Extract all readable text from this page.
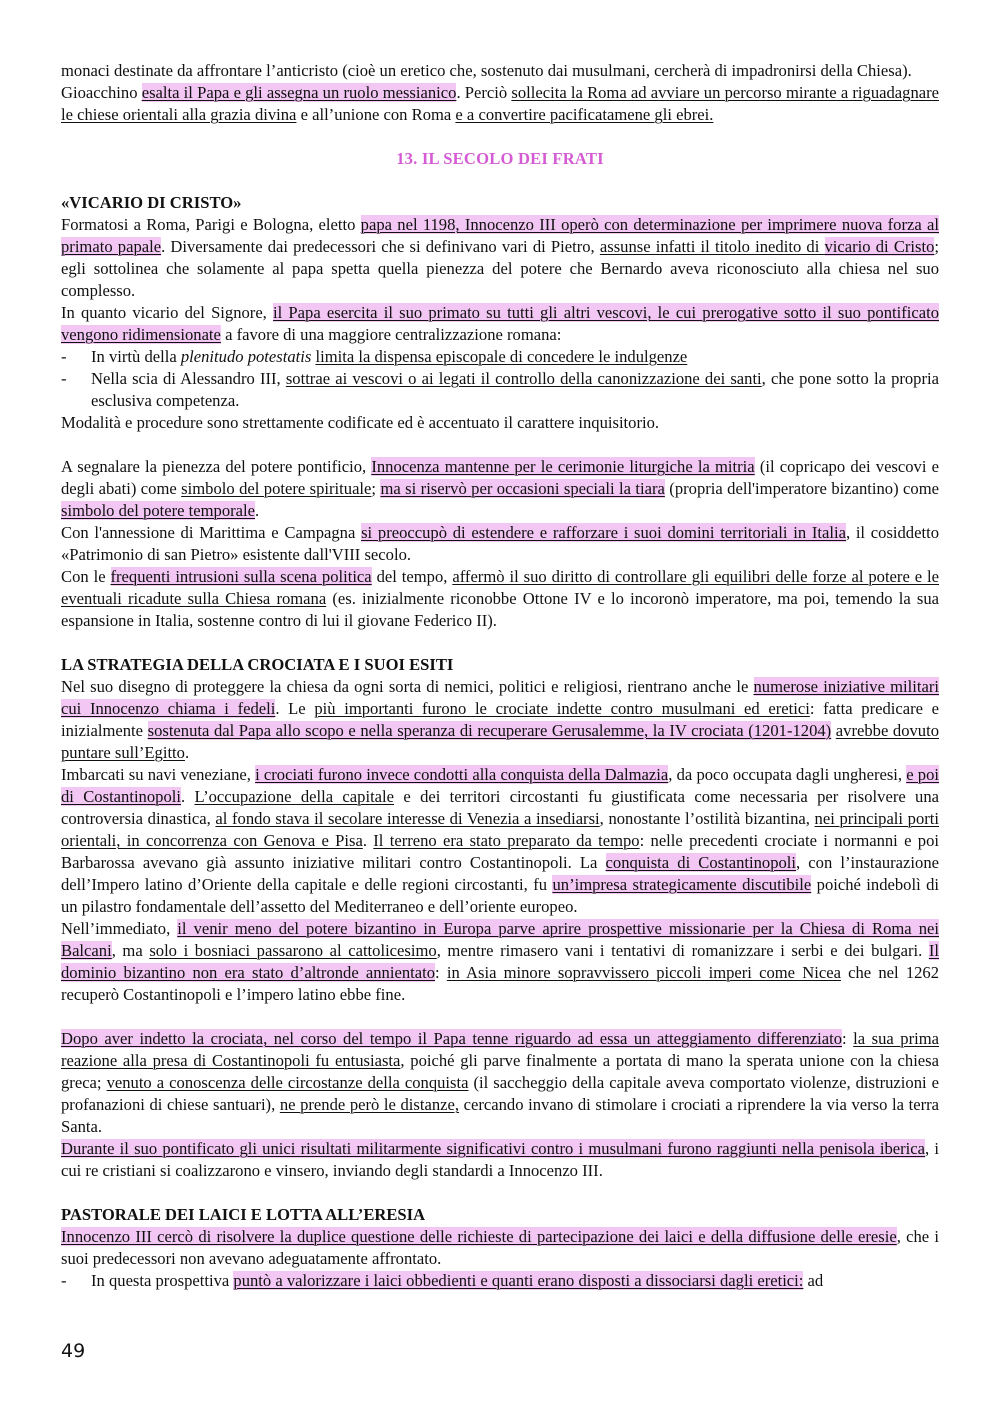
monaci destinate da affrontare l’anticristo (cioè un eretico che, sostenuto dai musulmani, cercherà di impadronirsi della Chiesa).

Gioacchino esalta il Papa e gli assegna un ruolo messianico. Perciò sollecita la Roma ad avviare un percorso mirante a riguadagnare le chiese orientali alla grazia divina e all’unione con Roma e a convertire pacificatamene gli ebrei.

13. IL SECOLO DEI FRATI
«VICARIO DI CRISTO»

Formatosi a Roma, Parigi e Bologna, eletto papa nel 1198, Innocenzo III operò con determinazione per imprimere nuova forza al primato papale. Diversamente dai predecessori che si definivano vari di Pietro, assunse infatti il titolo inedito di vicario di Cristo; egli sottolinea che solamente al papa spetta quella pienezza del potere che Bernardo aveva riconosciuto alla chiesa nel suo complesso.

In quanto vicario del Signore, il Papa esercita il suo primato su tutti gli altri vescovi, le cui prerogative sotto il suo pontificato vengono ridimensionate a favore di una maggiore centralizzazione romana:

- In virtù della plenitudo potestatis limita la dispensa episcopale di concedere le indulgenze
- Nella scia di Alessandro III, sottrae ai vescovi o ai legati il controllo della canonizzazione dei santi, che pone sotto la propria esclusiva competenza.

Modalità e procedure sono strettamente codificate ed è accentuato il carattere inquisitorio.

A segnalare la pienezza del potere pontificio, Innocenza mantenne per le cerimonie liturgiche la mitria (il copricapo dei vescovi e degli abati) come simbolo del potere spirituale; ma si riservò per occasioni speciali la tiara (propria dell'imperatore bizantino) come simbolo del potere temporale.

Con l'annessione di Marittima e Campagna si preoccupò di estendere e rafforzare i suoi domini territoriali in Italia, il cosiddetto «Patrimonio di san Pietro» esistente dall'VIII secolo.

Con le frequenti intrusioni sulla scena politica del tempo, affermò il suo diritto di controllare gli equilibri delle forze al potere e le eventuali ricadute sulla Chiesa romana (es. inizialmente riconobbe Ottone IV e lo incoronò imperatore, ma poi, temendo la sua espansione in Italia, sostenne contro di lui il giovane Federico II).

LA STRATEGIA DELLA CROCIATA E I SUOI ESITI

Nel suo disegno di proteggere la chiesa da ogni sorta di nemici, politici e religiosi, rientrano anche le numerose iniziative militari cui Innocenzo chiama i fedeli. Le più importanti furono le crociate indette contro musulmani ed eretici: fatta predicare e inizialmente sostenuta dal Papa allo scopo e nella speranza di recuperare Gerusalemme, la IV crociata (1201-1204) avrebbe dovuto puntare sull’Egitto.

Imbarcati su navi veneziane, i crociati furono invece condotti alla conquista della Dalmazia, da poco occupata dagli ungheresi, e poi di Costantinopoli. L’occupazione della capitale e dei territori circostanti fu giustificata come necessaria per risolvere una controversia dinastica, al fondo stava il secolare interesse di Venezia a insediarsi, nonostante l’ostilità bizantina, nei principali porti orientali, in concorrenza con Genova e Pisa. Il terreno era stato preparato da tempo: nelle precedenti crociate i normanni e poi Barbarossa avevano già assunto iniziative militari contro Costantinopoli. La conquista di Costantinopoli, con l’instaurazione dell’Impero latino d’Oriente della capitale e delle regioni circostanti, fu un’impresa strategicamente discutibile poiché indebolì di un pilastro fondamentale dell’assetto del Mediterraneo e dell’oriente europeo.

Nell’immediato, il venir meno del potere bizantino in Europa parve aprire prospettive missionarie per la Chiesa di Roma nei Balcani, ma solo i bosniaci passarono al cattolicesimo, mentre rimasero vani i tentativi di romanizzare i serbi e dei bulgari. Il dominio bizantino non era stato d’altronde annientato: in Asia minore sopravvissero piccoli imperi come Nicea che nel 1262 recuperò Costantinopoli e l’impero latino ebbe fine.

Dopo aver indetto la crociata, nel corso del tempo il Papa tenne riguardo ad essa un atteggiamento differenziato: la sua prima reazione alla presa di Costantinopoli fu entusiasta, poiché gli parve finalmente a portata di mano la sperata unione con la chiesa greca; venuto a conoscenza delle circostanze della conquista (il saccheggio della capitale aveva comportato violenze, distruzioni e profanazioni di chiese santuari), ne prende però le distanze, cercando invano di stimolare i crociati a riprendere la via verso la terra Santa.

Durante il suo pontificato gli unici risultati militarmente significativi contro i musulmani furono raggiunti nella penisola iberica, i cui re cristiani si coalizzarono e vinsero, inviando degli standardi a Innocenzo III.

PASTORALE DEI LAICI E LOTTA ALL’ERESIA

Innocenzo III cercò di risolvere la duplice questione delle richieste di partecipazione dei laici e della diffusione delle eresie, che i suoi predecessori non avevano adeguatamente affrontato.

- In questa prospettiva puntò a valorizzare i laici obbedienti e quanti erano disposti a dissociarsi dagli eretici: ad
49
